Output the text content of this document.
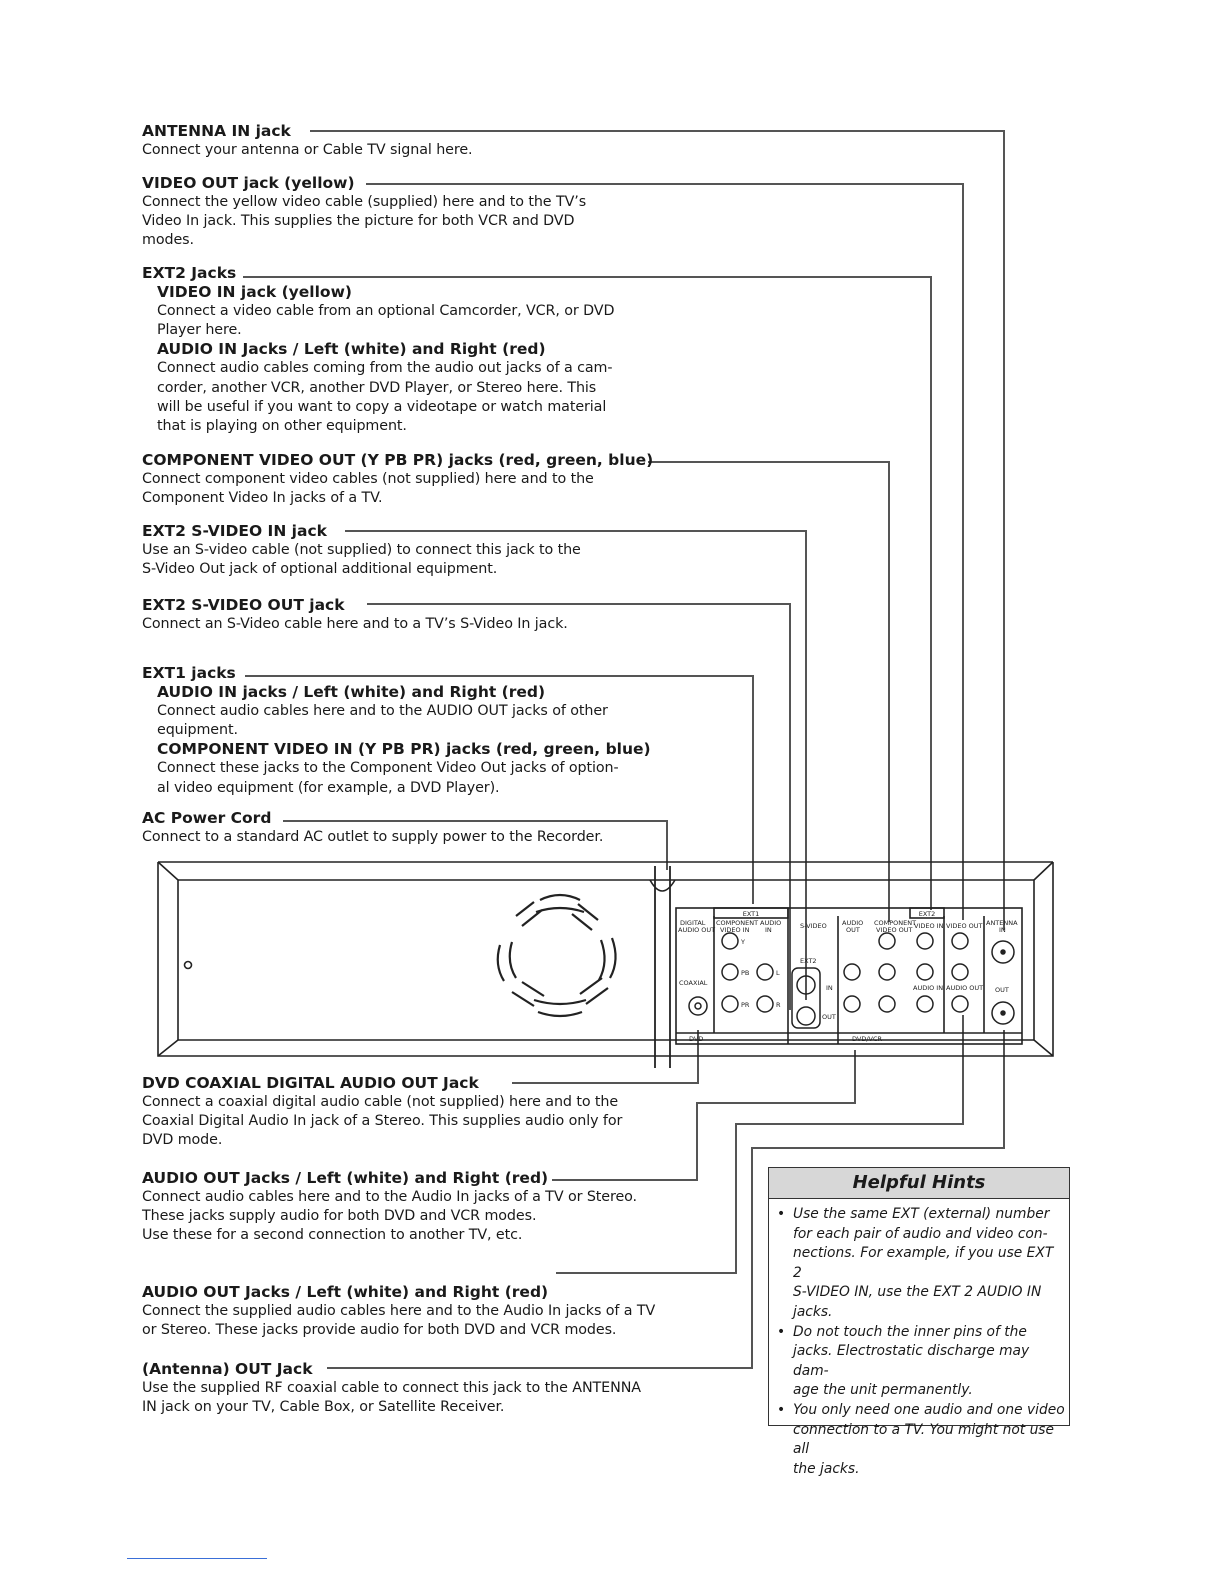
EXT1	EXT2
DIGITAL
AUDIO OUT
COMPONENT
VIDEO IN
AUDIO
IN	S-VIDEO AUDIO
OUT
COMPONENT
VIDEO OUT VIDEO IN VIDEO OUT ANTENNA
IN
COAXIAL
EXT2
IN
OUT
AUDIO IN AUDIO OUT OUT
DVD	DVD/VCR
Y
PB
PR
L
R
ANTENNA IN jack
Connect your antenna or Cable TV signal here.
VIDEO OUT jack (yellow)
Connect the yellow video cable (supplied) here and to the TV’s
Video In jack. This supplies the picture for both VCR and DVD
modes.
EXT2 Jacks
VIDEO IN jack (yellow)
Connect a video cable from an optional Camcorder, VCR, or DVD
Player here.
AUDIO IN Jacks / Left (white) and Right (red)
Connect audio cables coming from the audio out jacks of a cam-
corder, another VCR, another DVD Player, or Stereo here. This
will be useful if you want to copy a videotape or watch material
that is playing on other equipment.
COMPONENT VIDEO OUT (Y PB PR) jacks (red, green, blue)
Connect component video cables (not supplied) here and to the
Component Video In jacks of a TV.
EXT2 S-VIDEO IN jack
Use an S-video cable (not supplied) to connect this jack to the
S-Video Out jack of optional additional equipment.
EXT2 S-VIDEO OUT jack
Connect an S-Video cable here and to a TV’s S-Video In jack.
EXT1 jacks
AUDIO IN jacks / Left (white) and Right (red)
Connect audio cables here and to the AUDIO OUT jacks of other
equipment.
COMPONENT VIDEO IN (Y PB PR) jacks (red, green, blue)
Connect these jacks to the Component Video Out jacks of option-
al video equipment (for example, a DVD Player).
AC Power Cord
Connect to a standard AC outlet to supply power to the Recorder.
DVD COAXIAL DIGITAL AUDIO OUT Jack
Connect a coaxial digital audio cable (not supplied) here and to the
Coaxial Digital Audio In jack of a Stereo. This supplies audio only for
DVD mode.
AUDIO OUT Jacks / Left (white) and Right (red)
Connect audio cables here and to the Audio In jacks of a TV or Stereo.
These jacks supply audio for both DVD and VCR modes.
Use these for a second connection to another TV, etc.
AUDIO OUT Jacks / Left (white) and Right (red)
Connect the supplied audio cables here and to the Audio In jacks of a TV
or Stereo. These jacks provide audio for both DVD and VCR modes.
(Antenna) OUT Jack
Use the supplied RF coaxial cable to connect this jack to the ANTENNA
IN jack on your TV, Cable Box, or Satellite Receiver.
Helpful Hints
• Use the same EXT (external) number
for each pair of audio and video con-
nections. For example, if you use EXT 2
S-VIDEO IN, use the EXT 2 AUDIO IN
jacks.
• Do not touch the inner pins of the
jacks. Electrostatic discharge may dam-
age the unit permanently.
• You only need one audio and one video
connection to a TV. You might not use all
the jacks.
